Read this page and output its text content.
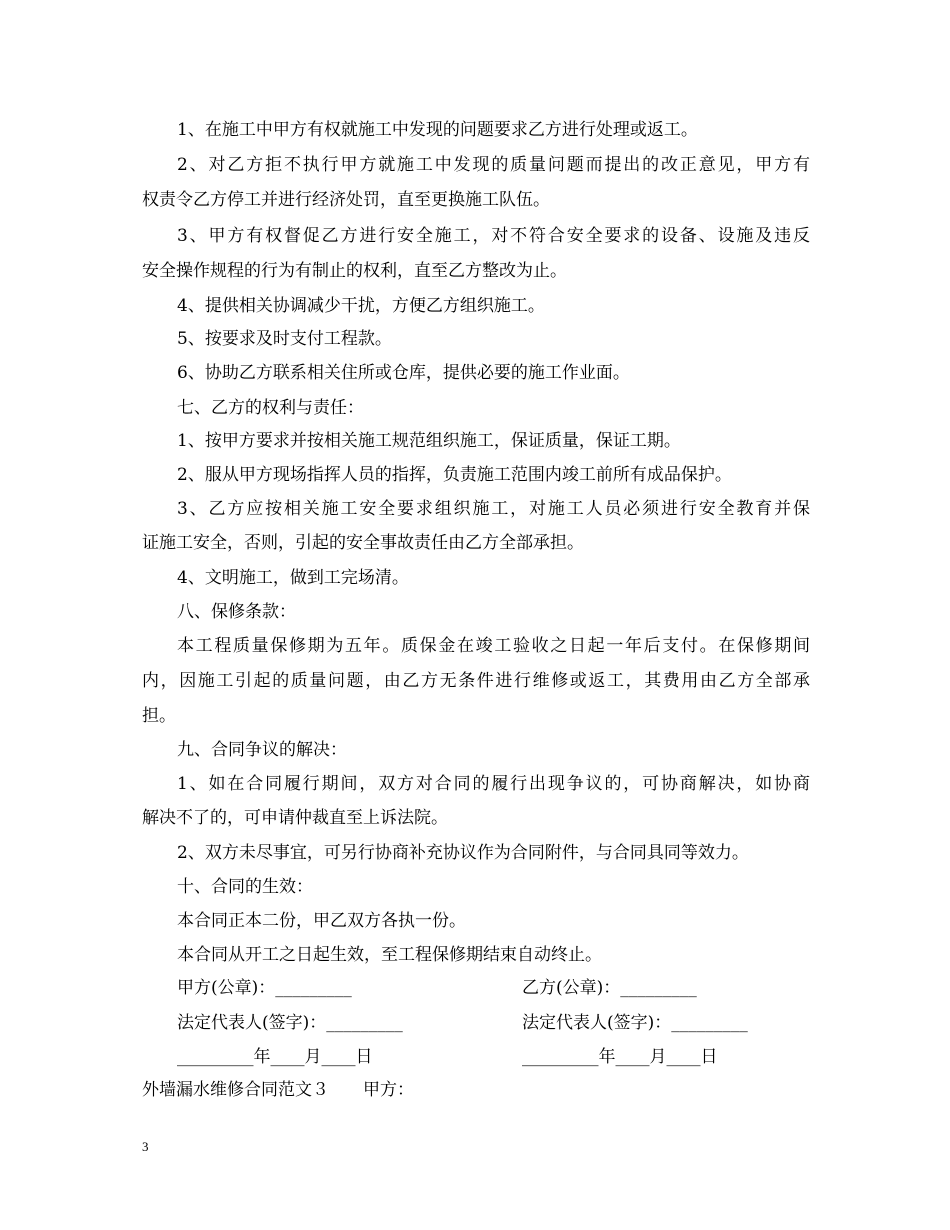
1、在施工中甲方有权就施工中发现的问题要求乙方进行处理或返工。
2、对乙方拒不执行甲方就施工中发现的质量问题而提出的改正意见，甲方有
权责令乙方停工并进行经济处罚，直至更换施工队伍。
3、甲方有权督促乙方进行安全施工，对不符合安全要求的设备、设施及违反
安全操作规程的行为有制止的权利，直至乙方整改为止。
4、提供相关协调减少干扰，方便乙方组织施工。
5、按要求及时支付工程款。
6、协助乙方联系相关住所或仓库，提供必要的施工作业面。
七、乙方的权利与责任：
1、按甲方要求并按相关施工规范组织施工，保证质量，保证工期。
2、服从甲方现场指挥人员的指挥，负责施工范围内竣工前所有成品保护。
3、乙方应按相关施工安全要求组织施工，对施工人员必须进行安全教育并保
证施工安全，否则，引起的安全事故责任由乙方全部承担。
4、文明施工，做到工完场清。
八、保修条款：
本工程质量保修期为五年。质保金在竣工验收之日起一年后支付。在保修期间
内，因施工引起的质量问题，由乙方无条件进行维修或返工，其费用由乙方全部承
担。
九、合同争议的解决：
1、如在合同履行期间，双方对合同的履行出现争议的，可协商解决，如协商
解决不了的，可申请仲裁直至上诉法院。
2、双方未尽事宜，可另行协商补充协议作为合同附件，与合同具同等效力。
十、合同的生效：
本合同正本二份，甲乙双方各执一份。
本合同从开工之日起生效，至工程保修期结束自动终止。
甲方(公章)：_________	乙方(公章)：_________
法定代表人(签字)：_________	法定代表人(签字)：_________
_________年____月____日	_________年____月____日
外墙漏水维修合同范文３　　甲方：
3
